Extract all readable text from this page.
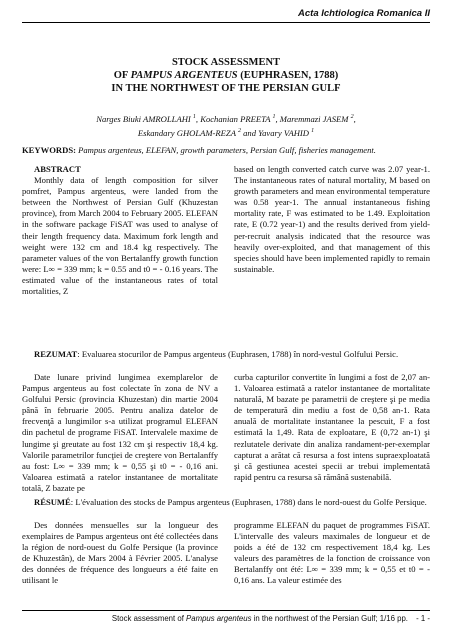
Acta Ichtiologica Romanica II
STOCK ASSESSMENT
OF PAMPUS ARGENTEUS (EUPHRASEN, 1788)
IN THE NORTHWEST OF THE PERSIAN GULF
Narges Biuki AMROLLAHI $^1$, Kochanian PREETA $^1$, Maremmazi JASEM $^2$,
Eskandary GHOLAM-REZA $^2$ and Yavary VAHID $^1$
KEYWORDS: Pampus argenteus, ELEFAN, growth parameters, Persian Gulf, fisheries management.

ABSTRACT

Monthly data of length composition for silver pomfret, Pampus argenteus, were landed from the between the Northwest of Persian Gulf (Khuzestan province), from March 2004 to February 2005. ELEFAN in the software package FiSAT was used to analyse of their length frequency data. Maximum fork length and weight were 132 cm and 18.4 kg respectively. The parameter values of the von Bertalanffy growth function were: L∞ = 339 mm; k = 0.55 and t0 = - 0.16 years. The estimated value of the instantaneous rates of total mortalities, Z

based on length converted catch curve was 2.07 year-1. The instantaneous rates of natural mortality, M based on growth parameters and mean environmental temperature was 0.58 year-1. The annual instantaneous fishing mortality rate, F was estimated to be 1.49. Exploitation rate, E (0.72 year-1) and the results derived from yield-per-recruit analysis indicated that the resource was heavily over-exploited, and that management of this species should have been implemented rapidly to remain sustainable.

REZUMAT: Evaluarea stocurilor de Pampus argenteus (Euphrasen, 1788) în nord-vestul Golfului Persic.

Date lunare privind lungimea exemplarelor de Pampus argenteus au fost colectate în zona de NV a Golfului Persic (provincia Khuzestan) din martie 2004 până în februarie 2005. Pentru analiza datelor de frecvenţă a lungimilor s-a utilizat programul ELEFAN din pachetul de programe FiSAT. Intervalele maxime de lungime şi greutate au fost 132 cm şi respectiv 18,4 kg. Valorile parametrilor funcţiei de creştere von Bertalanffy au fost: L∞ = 339 mm; k = 0,55 şi t0 = - 0,16 ani. Valoarea estimată a ratelor instantanee de mortalitate totală, Z bazate pe

curba capturilor convertite în lungimi a fost de 2,07 an-1. Valoarea estimată a ratelor instantanee de mortalitate naturală, M bazate pe parametrii de creştere şi pe media de temperatură din mediu a fost de 0,58 an-1. Rata anuală de mortalitate instantanee la pescuit, F a fost estimată la 1,49. Rata de exploatare, E (0,72 an-1) şi rezlutatele derivate din analiza randament-per-exemplar capturat a arătat că resursa a fost intens supraexploatată şi că gestiunea acestei specii ar trebui implementată rapid pentru ca resursa să rămână sustenabilă.

RÉSUMÉ: L'évaluation des stocks de Pampus argenteus (Euphrasen, 1788) dans le nord-ouest du Golfe Persique.

Des données mensuelles sur la longueur des exemplaires de Pampus argenteus ont été collectées dans la région de nord-ouest du Golfe Persique (la province de Khuzestân), de Mars 2004 à Février 2005. L'analyse des données de fréquence des longueurs a été faite en utilisant le

programme ELEFAN du paquet de programmes FiSAT. L'intervalle des valeurs maximales de longueur et de poids a été de 132 cm respectivement 18,4 kg. Les valeurs des paramètres de la fonction de croissance von Bertalanffy ont été: L∞ = 339 mm; k = 0,55 et t0 = - 0,16 ans. La valeur estimée des

Stock assessment of Pampus argenteus in the northwest of the Persian Gulf; 1/16 pp. - 1 -
